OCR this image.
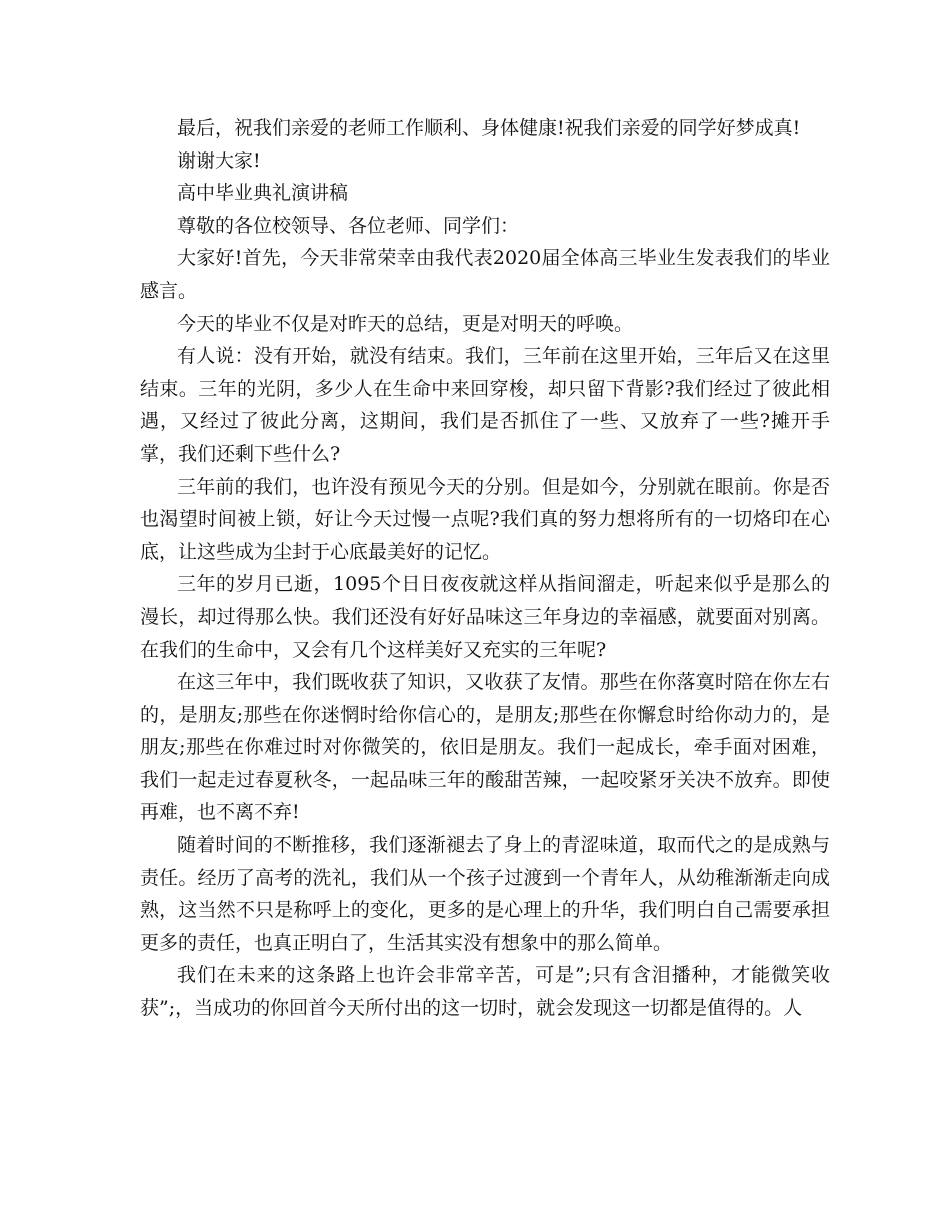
最后，祝我们亲爱的老师工作顺利、身体健康!祝我们亲爱的同学好梦成真!

谢谢大家!

高中毕业典礼演讲稿

尊敬的各位校领导、各位老师、同学们：

大家好!首先，今天非常荣幸由我代表2020届全体高三毕业生发表我们的毕业感言。

今天的毕业不仅是对昨天的总结，更是对明天的呼唤。

有人说：没有开始，就没有结束。我们，三年前在这里开始，三年后又在这里结束。三年的光阴，多少人在生命中来回穿梭，却只留下背影?我们经过了彼此相遇，又经过了彼此分离，这期间，我们是否抓住了一些、又放弃了一些?摊开手掌，我们还剩下些什么?

三年前的我们，也许没有预见今天的分别。但是如今，分别就在眼前。你是否也渴望时间被上锁，好让今天过慢一点呢?我们真的努力想将所有的一切烙印在心底，让这些成为尘封于心底最美好的记忆。

三年的岁月已逝，1095个日日夜夜就这样从指间溜走，听起来似乎是那么的漫长，却过得那么快。我们还没有好好品味这三年身边的幸福感，就要面对别离。在我们的生命中，又会有几个这样美好又充实的三年呢?

在这三年中，我们既收获了知识，又收获了友情。那些在你落寞时陪在你左右的，是朋友;那些在你迷惘时给你信心的，是朋友;那些在你懈怠时给你动力的，是朋友;那些在你难过时对你微笑的，依旧是朋友。我们一起成长，牵手面对困难，我们一起走过春夏秋冬，一起品味三年的酸甜苦辣，一起咬紧牙关决不放弃。即使再难，也不离不弃!

随着时间的不断推移，我们逐渐褪去了身上的青涩味道，取而代之的是成熟与责任。经历了高考的洗礼，我们从一个孩子过渡到一个青年人，从幼稚渐渐走向成熟，这当然不只是称呼上的变化，更多的是心理上的升华，我们明白自己需要承担更多的责任，也真正明白了，生活其实没有想象中的那么简单。

我们在未来的这条路上也许会非常辛苦，可是”;只有含泪播种，才能微笑收获”;，当成功的你回首今天所付出的这一切时，就会发现这一切都是值得的。人
